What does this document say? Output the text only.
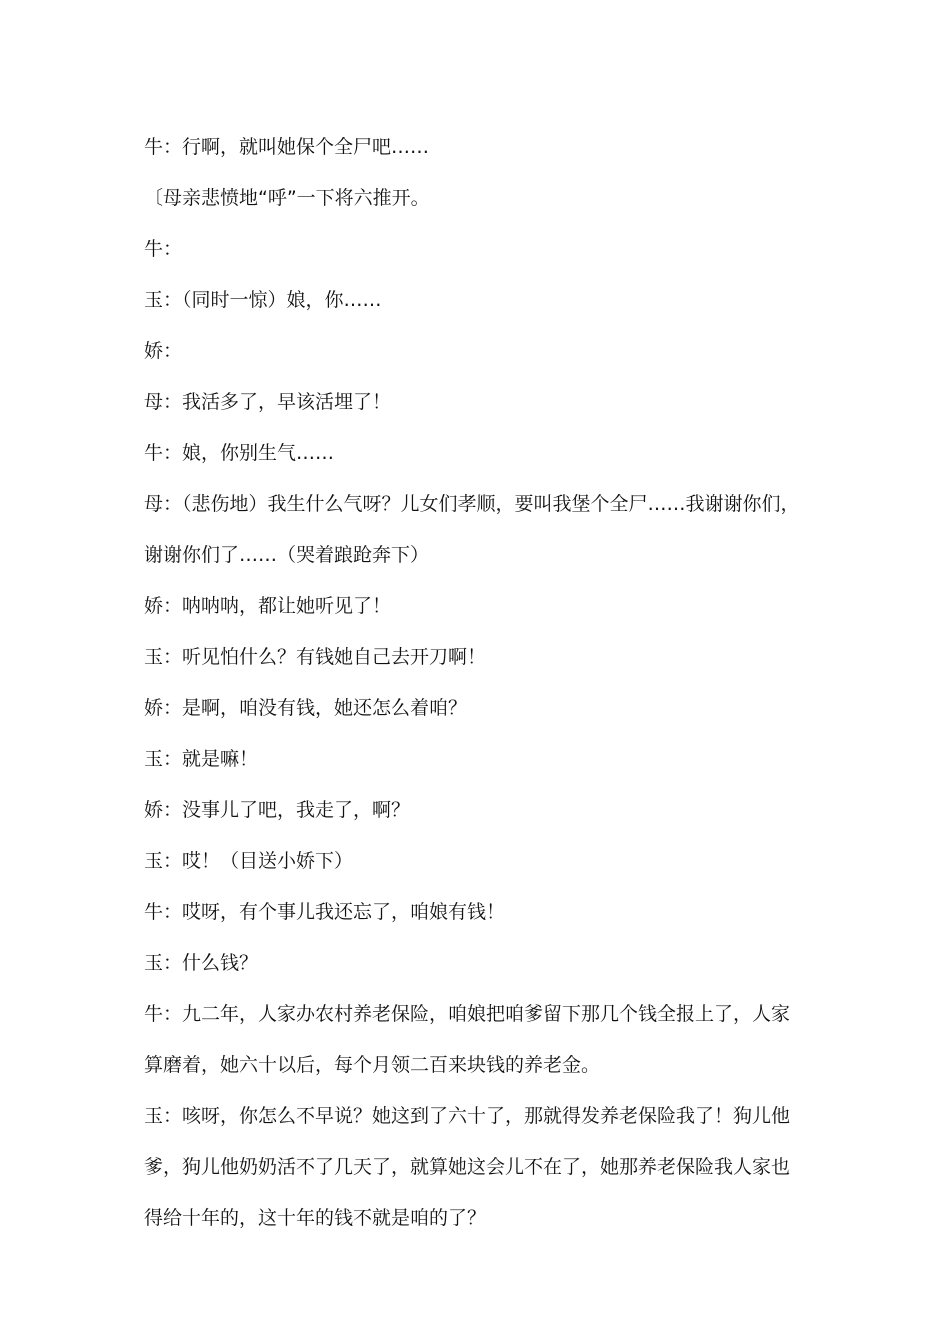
牛：行啊，就叫她保个全尸吧……
〔母亲悲愤地“呼”一下将六推开。
牛：
玉：（同时一惊）娘，你……
娇：
母：我活多了，早该活埋了！
牛：娘，你别生气……
母：（悲伤地）我生什么气呀？儿女们孝顺，要叫我堡个全尸……我谢谢你们，
谢谢你们了……（哭着踉跄奔下）
娇：呐呐呐，都让她听见了！
玉：听见怕什么？有钱她自己去开刀啊！
娇：是啊，咱没有钱，她还怎么着咱？
玉：就是嘛！
娇：没事儿了吧，我走了，啊？
玉：哎！（目送小娇下）
牛：哎呀，有个事儿我还忘了，咱娘有钱！
玉：什么钱？
牛：九二年，人家办农村养老保险，咱娘把咱爹留下那几个钱全报上了，人家
算磨着，她六十以后，每个月领二百来块钱的养老金。
玉：咳呀，你怎么不早说？她这到了六十了，那就得发养老保险我了！狗儿他
爹，狗儿他奶奶活不了几天了，就算她这会儿不在了，她那养老保险我人家也
得给十年的，这十年的钱不就是咱的了？
